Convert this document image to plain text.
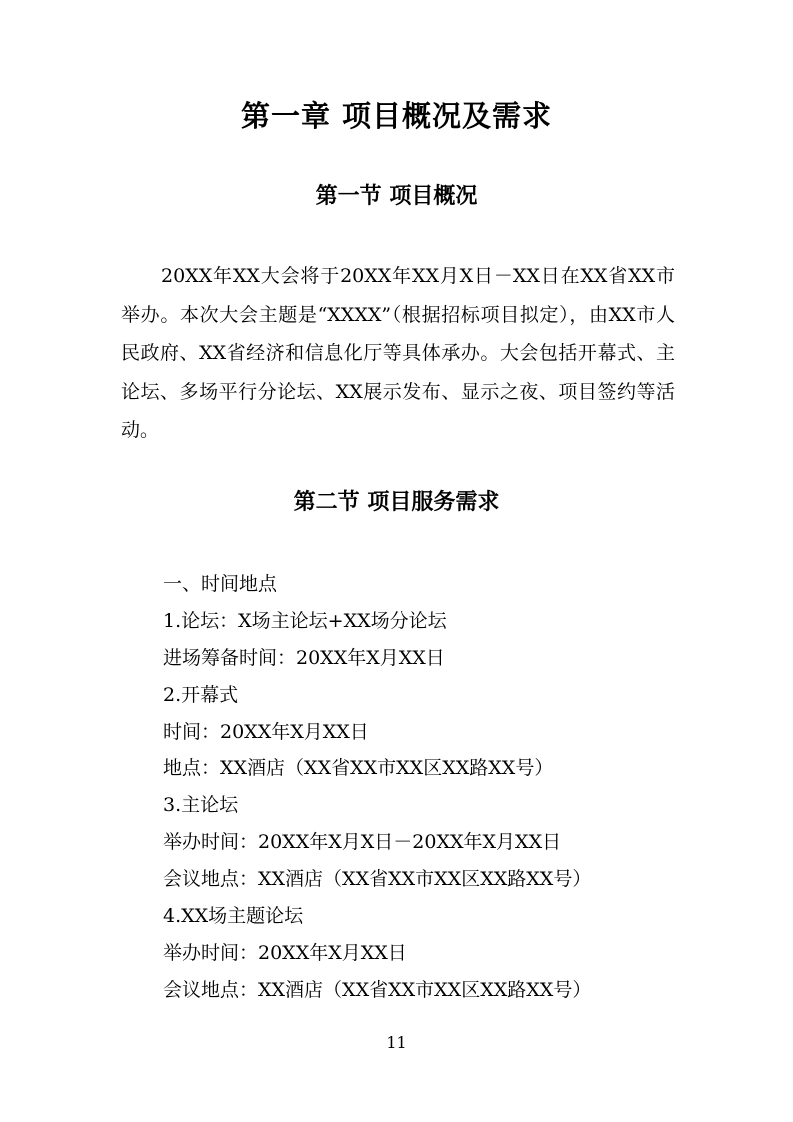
第一章 项目概况及需求
第一节 项目概况

20XX年XX大会将于20XX年XX月X日－XX日在XX省XX市举办。本次大会主题是“XXXX”（根据招标项目拟定），由XX市人民政府、XX省经济和信息化厅等具体承办。大会包括开幕式、主论坛、多场平行分论坛、XX展示发布、显示之夜、项目签约等活动。

第二节 项目服务需求
一、时间地点
1.论坛：X场主论坛+XX场分论坛
进场筹备时间：20XX年X月XX日
2.开幕式
时间：20XX年X月XX日
地点：XX酒店（XX省XX市XX区XX路XX号）
3.主论坛
举办时间：20XX年X月X日－20XX年X月XX日
会议地点：XX酒店（XX省XX市XX区XX路XX号）
4.XX场主题论坛
举办时间：20XX年X月XX日
会议地点：XX酒店（XX省XX市XX区XX路XX号）
11
